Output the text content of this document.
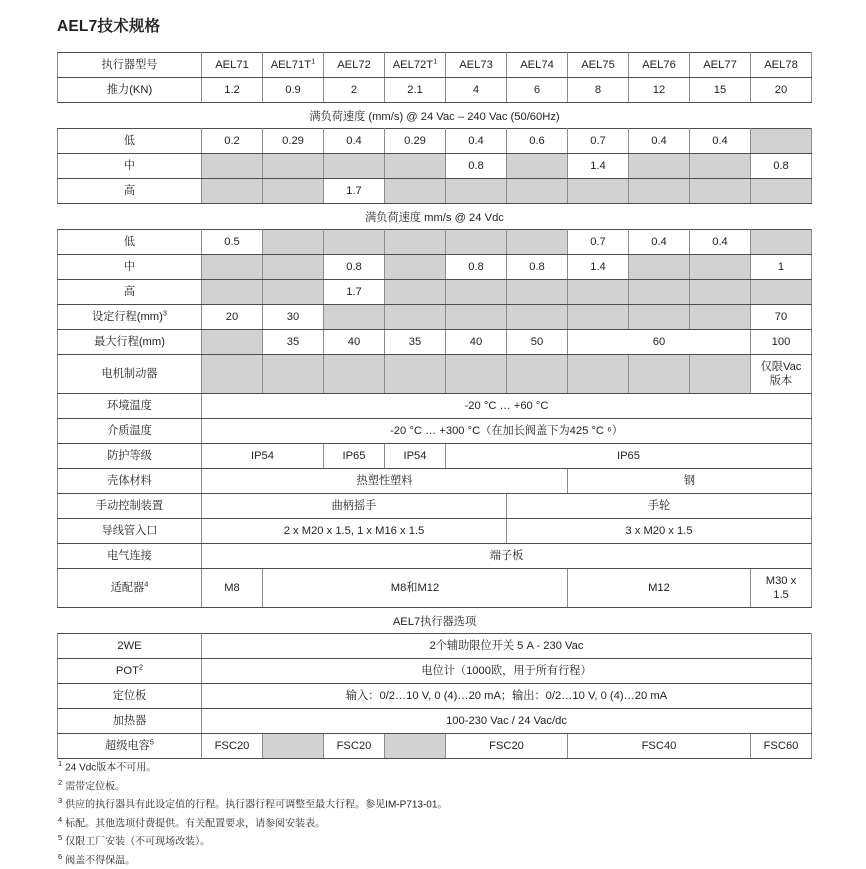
AEL7技术规格
执行器型号	AEL71	$AEL71T^1$	AEL72	$AEL72T^1$	AEL73	AEL74	AEL75	AEL76	AEL77	AEL78
推力(KN)	1.2	0.9	2	2.1	4	6	8	12	15	20
满负荷速度 (mm/s) @ 24 Vac – 240 Vac (50/60Hz)										
低	0.2	0.29	0.4	0.29	0.4	0.6	0.7	0.4	0.4	
中					0.8		1.4			0.8
高			1.7							
满负荷速度 mm/s @ 24 Vdc										
低	0.5						0.7	0.4	0.4	
中			0.8		0.8	0.8	1.4			1
高			1.7							
设定行程(mm)$^3$	20	30								70
最大行程(mm)		35	40	35	40	50	60			100
电机制动器										仅限Vac版本
环境温度	-20 °C … +60 °C									
介质温度	-20 °C … +300 °C（在加长阀盖下为425 °C ⁶）									
防护等级	IP54		IP65	IP54	IP65					
壳体材料	热塑性塑料						钢			
手动控制装置	曲柄摇手					手轮				
导线管入口	2 x M20 x 1.5, 1 x M16 x 1.5					3 x M20 x 1.5				
电气连接	端子板									
适配器$^4$	M8	M8和M12					M12			M30 x 1.5
AEL7执行器选项										
2WE	2个辅助限位开关 5 A - 230 Vac									
POT$^2$	电位计（1000欧，用于所有行程）									
定位板	输入：0/2…10 V, 0 (4)…20 mA；输出：0/2…10 V, 0 (4)…20 mA									
加热器	100-230 Vac / 24 Vac/dc									
超级电容$^5$	FSC20		FSC20		FSC20		FSC40			FSC60
$^1$ 24 Vdc版本不可用。
$^2$ 需带定位板。
$^3$ 供应的执行器具有此设定值的行程。执行器行程可调整至最大行程。参见IM-P713-01。
$^4$ 标配。其他选项付费提供。有关配置要求，请参阅安装表。
$^5$ 仅限工厂安装（不可现场改装）。
$^6$ 阀盖不得保温。
